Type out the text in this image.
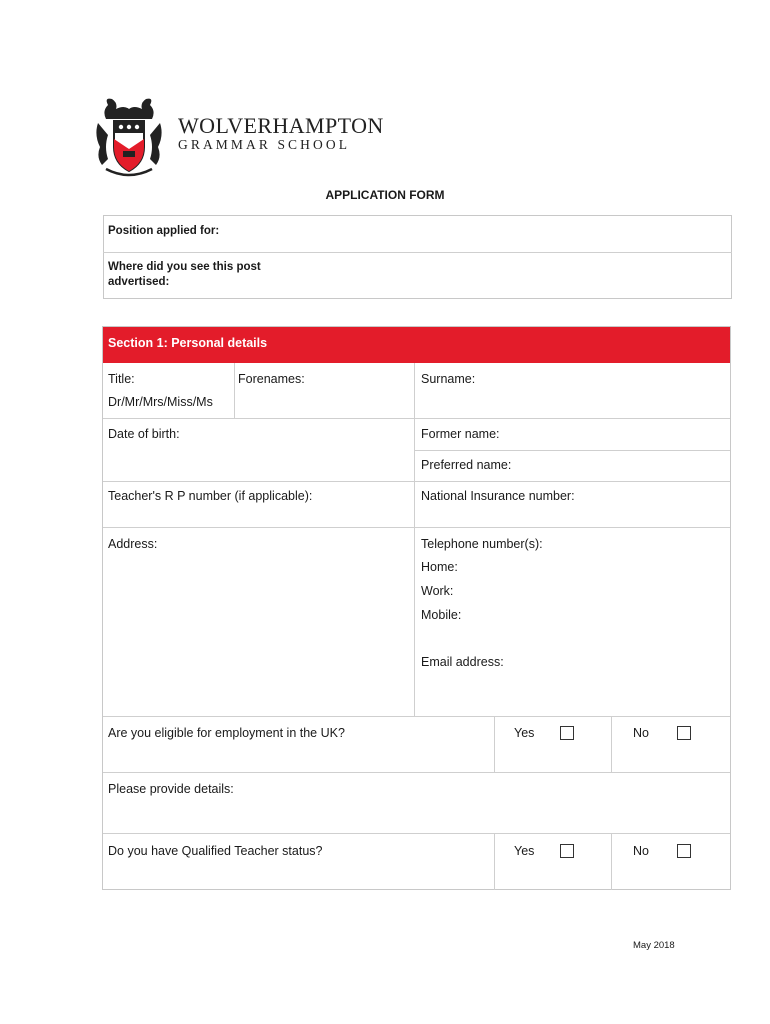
WOLVERHAMPTON
GRAMMAR SCHOOL
APPLICATION FORM
Position applied for:
Where did you see this post
advertised:
Section 1: Personal details
Title:
Dr/Mr/Mrs/Miss/Ms
Forenames:	Surname:
Date of birth:	Former name:
Preferred name:
Teacher's R P number (if applicable):	National Insurance number:
Address:	Telephone number(s):
Home:
Work:
Mobile:
Email address:
Are you eligible for employment in the UK?	Yes	No
Please provide details:
Do you have Qualified Teacher status?	Yes	No
May 2018
